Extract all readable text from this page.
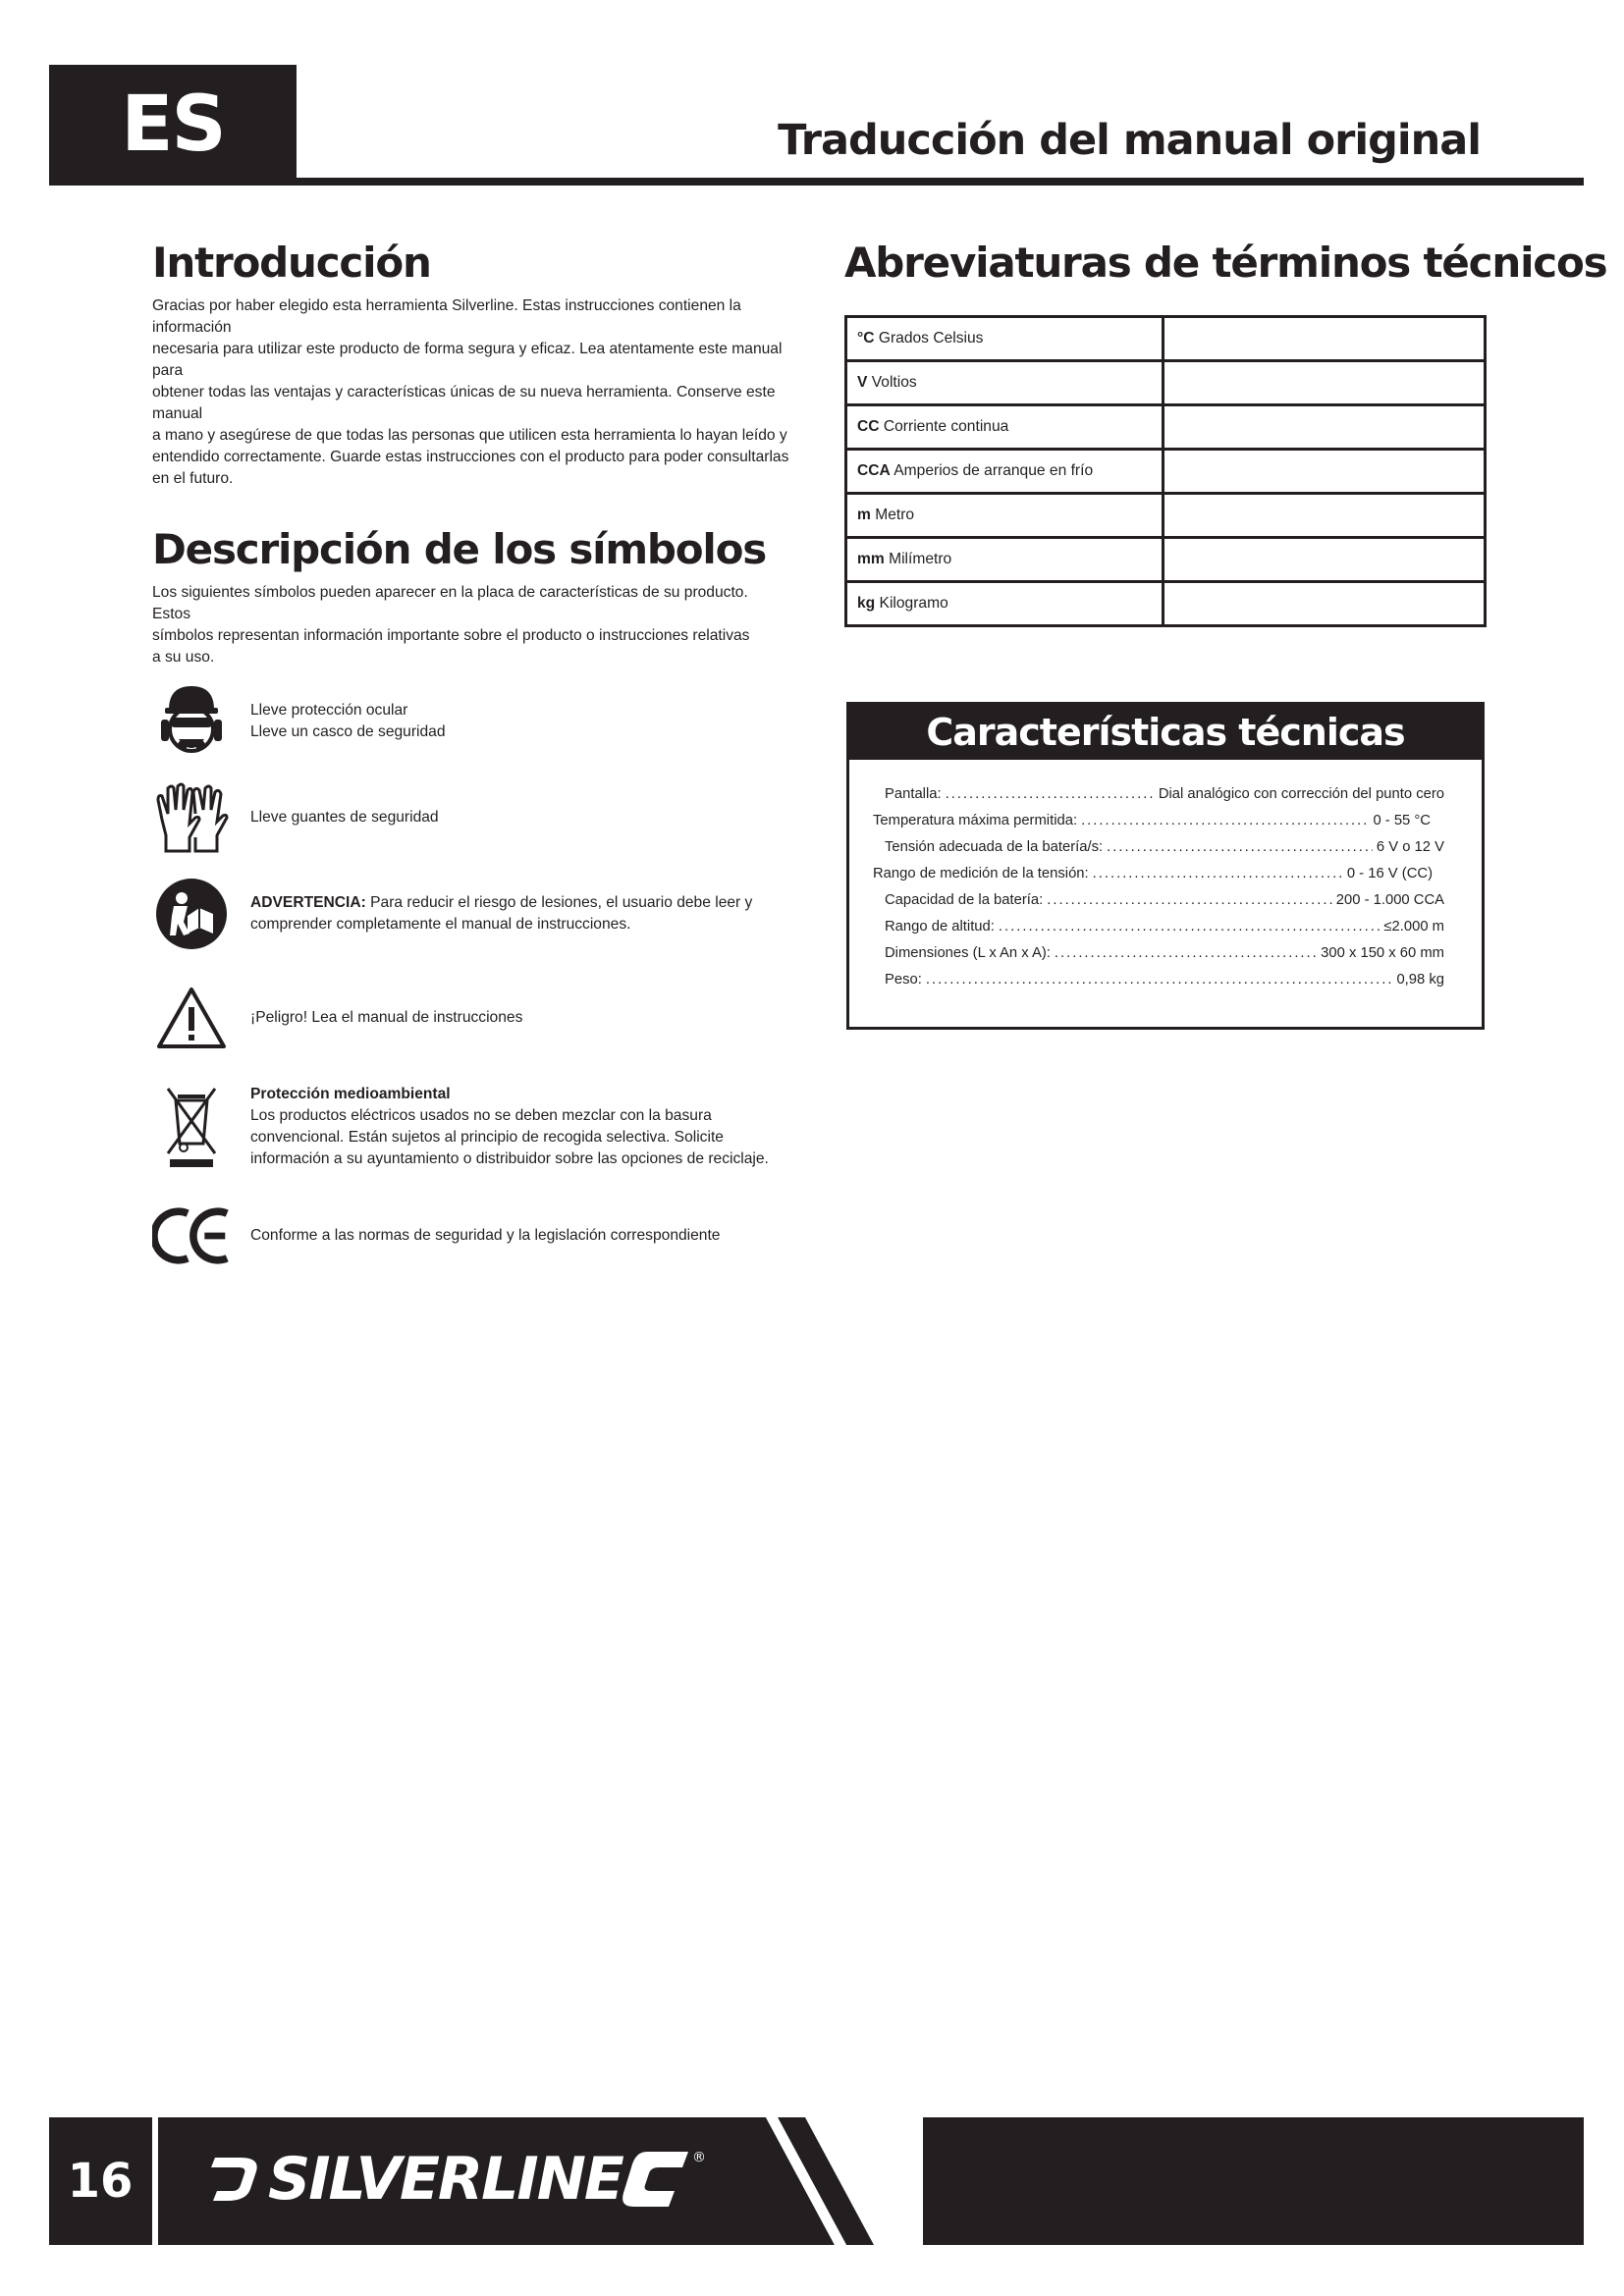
ES	Traducción del manual original
Introducción

Gracias por haber elegido esta herramienta Silverline. Estas instrucciones contienen la información
necesaria para utilizar este producto de forma segura y eficaz. Lea atentamente este manual para
obtener todas las ventajas y características únicas de su nueva herramienta. Conserve este manual
a mano y asegúrese de que todas las personas que utilicen esta herramienta lo hayan leído y
entendido correctamente. Guarde estas instrucciones con el producto para poder consultarlas
en el futuro.

Descripción de los símbolos

Los siguientes símbolos pueden aparecer en la placa de características de su producto. Estos
símbolos representan información importante sobre el producto o instrucciones relativas
a su uso.

Lleve protección ocular
Lleve un casco de seguridad
Lleve guantes de seguridad
ADVERTENCIA: Para reducir el riesgo de lesiones, el usuario debe leer y
comprender completamente el manual de instrucciones.
¡Peligro! Lea el manual de instrucciones
Protección medioambiental
Los productos eléctricos usados no se deben mezclar con la basura
convencional. Están sujetos al principio de recogida selectiva. Solicite
información a su ayuntamiento o distribuidor sobre las opciones de reciclaje.
Conforme a las normas de seguridad y la legislación correspondiente
Abreviaturas de términos técnicos
°C Grados Celsius	
V Voltios	
CC Corriente continua	
CCA Amperios de arranque en frío	
m Metro	
mm Milímetro	
kg Kilogramo	
Características técnicas
Pantalla: .....	Dial analógico con corrección del punto cero
Temperatura máxima permitida: .....	0 - 55 °C
Tensión adecuada de la batería/s: .....	6 V o 12 V
Rango de medición de la tensión: .....	0 - 16 V (CC)
Capacidad de la batería: .....	200 - 1.000 CCA
Rango de altitud: .....	≤2.000 m
Dimensiones (L x An x A): .....	300 x 150 x 60 mm
Peso: .....	0,98 kg
16	SILVERLINE	®
